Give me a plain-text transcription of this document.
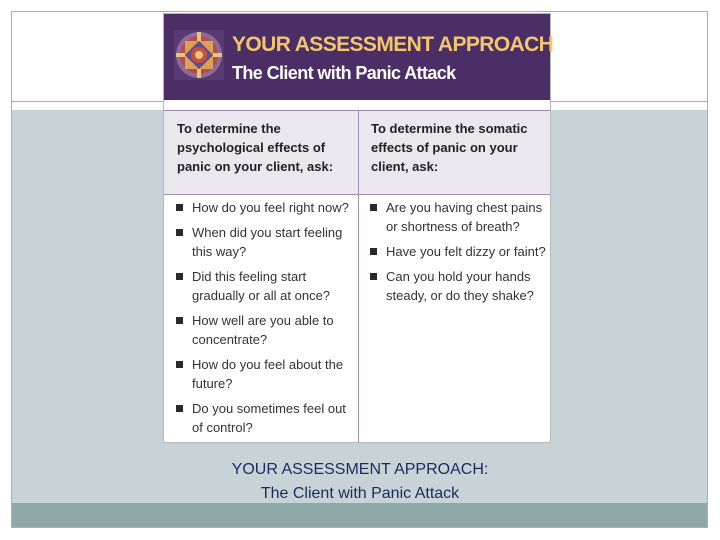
YOUR ASSESSMENT APPROACH
The Client with Panic Attack
To determine the psychological effects of panic on your client, ask:
To determine the somatic effects of panic on your client, ask:
How do you feel right now?
When did you start feeling this way?
Did this feeling start gradually or all at once?
How well are you able to concentrate?
How do you feel about the future?
Do you sometimes feel out of control?
Are you having chest pains or shortness of breath?
Have you felt dizzy or faint?
Can you hold your hands steady, or do they shake?
YOUR ASSESSMENT APPROACH:
The Client with Panic Attack
